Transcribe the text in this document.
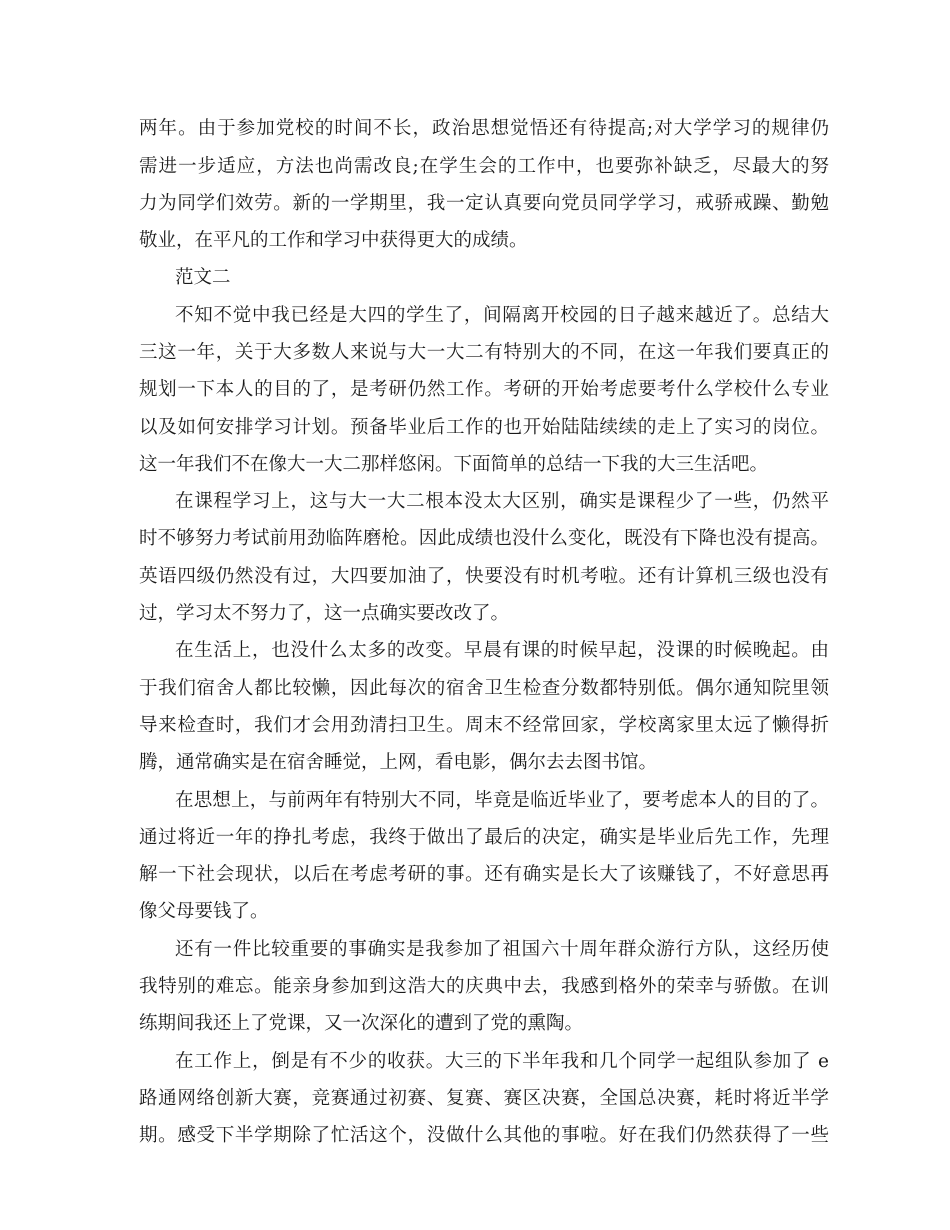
两年。由于参加党校的时间不长，政治思想觉悟还有待提高;对大学学习的规律仍
需进一步适应，方法也尚需改良;在学生会的工作中，也要弥补缺乏，尽最大的努
力为同学们效劳。新的一学期里，我一定认真要向党员同学学习，戒骄戒躁、勤勉
敬业，在平凡的工作和学习中获得更大的成绩。
范文二
不知不觉中我已经是大四的学生了，间隔离开校园的日子越来越近了。总结大
三这一年，关于大多数人来说与大一大二有特别大的不同，在这一年我们要真正的
规划一下本人的目的了，是考研仍然工作。考研的开始考虑要考什么学校什么专业
以及如何安排学习计划。预备毕业后工作的也开始陆陆续续的走上了实习的岗位。
这一年我们不在像大一大二那样悠闲。下面简单的总结一下我的大三生活吧。
在课程学习上，这与大一大二根本没太大区别，确实是课程少了一些，仍然平
时不够努力考试前用劲临阵磨枪。因此成绩也没什么变化，既没有下降也没有提高。
英语四级仍然没有过，大四要加油了，快要没有时机考啦。还有计算机三级也没有
过，学习太不努力了，这一点确实要改改了。
在生活上，也没什么太多的改变。早晨有课的时候早起，没课的时候晚起。由
于我们宿舍人都比较懒，因此每次的宿舍卫生检查分数都特别低。偶尔通知院里领
导来检查时，我们才会用劲清扫卫生。周末不经常回家，学校离家里太远了懒得折
腾，通常确实是在宿舍睡觉，上网，看电影，偶尔去去图书馆。
在思想上，与前两年有特别大不同，毕竟是临近毕业了，要考虑本人的目的了。
通过将近一年的挣扎考虑，我终于做出了最后的决定，确实是毕业后先工作，先理
解一下社会现状，以后在考虑考研的事。还有确实是长大了该赚钱了，不好意思再
像父母要钱了。
还有一件比较重要的事确实是我参加了祖国六十周年群众游行方队，这经历使
我特别的难忘。能亲身参加到这浩大的庆典中去，我感到格外的荣幸与骄傲。在训
练期间我还上了党课，又一次深化的遭到了党的熏陶。
在工作上，倒是有不少的收获。大三的下半年我和几个同学一起组队参加了 e
路通网络创新大赛，竞赛通过初赛、复赛、赛区决赛，全国总决赛，耗时将近半学
期。感受下半学期除了忙活这个，没做什么其他的事啦。好在我们仍然获得了一些
